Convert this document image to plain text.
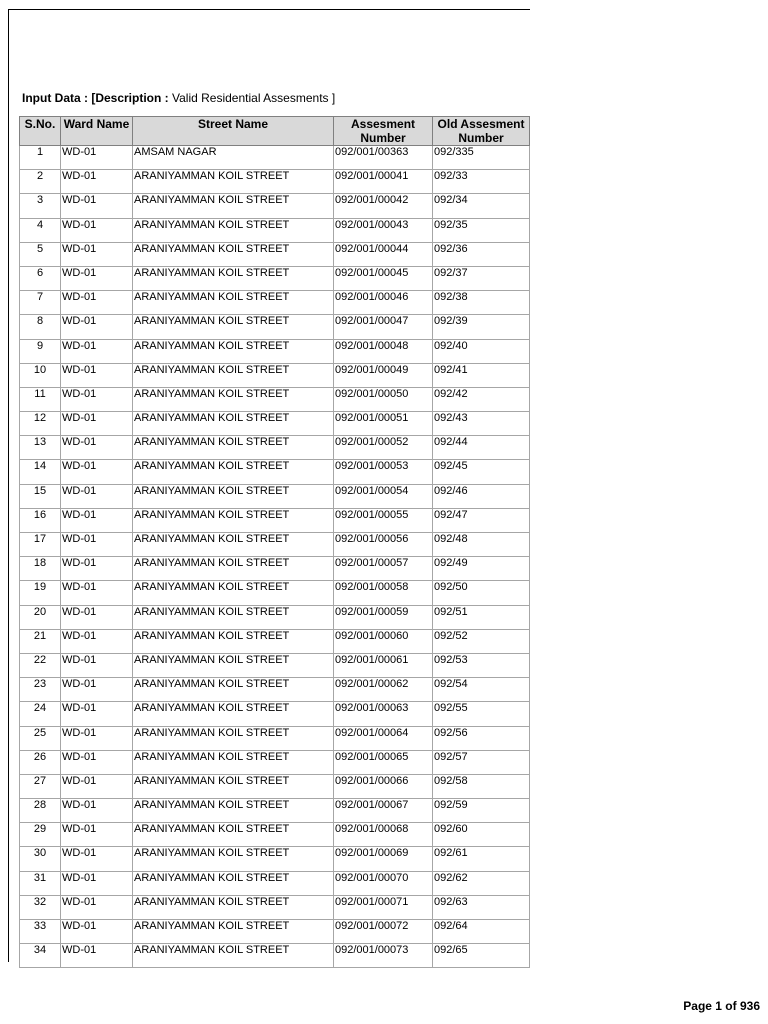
Input Data : [Description : Valid Residential Assesments ]
S.No.	Ward Name	Street Name	Assesment Number	Old Assesment Number

1	WD-01	AMSAM NAGAR	092/001/00363	092/335
2	WD-01	ARANIYAMMAN KOIL STREET	092/001/00041	092/33
3	WD-01	ARANIYAMMAN KOIL STREET	092/001/00042	092/34
4	WD-01	ARANIYAMMAN KOIL STREET	092/001/00043	092/35
5	WD-01	ARANIYAMMAN KOIL STREET	092/001/00044	092/36
6	WD-01	ARANIYAMMAN KOIL STREET	092/001/00045	092/37
7	WD-01	ARANIYAMMAN KOIL STREET	092/001/00046	092/38
8	WD-01	ARANIYAMMAN KOIL STREET	092/001/00047	092/39
9	WD-01	ARANIYAMMAN KOIL STREET	092/001/00048	092/40
10	WD-01	ARANIYAMMAN KOIL STREET	092/001/00049	092/41
11	WD-01	ARANIYAMMAN KOIL STREET	092/001/00050	092/42
12	WD-01	ARANIYAMMAN KOIL STREET	092/001/00051	092/43
13	WD-01	ARANIYAMMAN KOIL STREET	092/001/00052	092/44
14	WD-01	ARANIYAMMAN KOIL STREET	092/001/00053	092/45
15	WD-01	ARANIYAMMAN KOIL STREET	092/001/00054	092/46
16	WD-01	ARANIYAMMAN KOIL STREET	092/001/00055	092/47
17	WD-01	ARANIYAMMAN KOIL STREET	092/001/00056	092/48
18	WD-01	ARANIYAMMAN KOIL STREET	092/001/00057	092/49
19	WD-01	ARANIYAMMAN KOIL STREET	092/001/00058	092/50
20	WD-01	ARANIYAMMAN KOIL STREET	092/001/00059	092/51
21	WD-01	ARANIYAMMAN KOIL STREET	092/001/00060	092/52
22	WD-01	ARANIYAMMAN KOIL STREET	092/001/00061	092/53
23	WD-01	ARANIYAMMAN KOIL STREET	092/001/00062	092/54
24	WD-01	ARANIYAMMAN KOIL STREET	092/001/00063	092/55
25	WD-01	ARANIYAMMAN KOIL STREET	092/001/00064	092/56
26	WD-01	ARANIYAMMAN KOIL STREET	092/001/00065	092/57
27	WD-01	ARANIYAMMAN KOIL STREET	092/001/00066	092/58
28	WD-01	ARANIYAMMAN KOIL STREET	092/001/00067	092/59
29	WD-01	ARANIYAMMAN KOIL STREET	092/001/00068	092/60
30	WD-01	ARANIYAMMAN KOIL STREET	092/001/00069	092/61
31	WD-01	ARANIYAMMAN KOIL STREET	092/001/00070	092/62
32	WD-01	ARANIYAMMAN KOIL STREET	092/001/00071	092/63
33	WD-01	ARANIYAMMAN KOIL STREET	092/001/00072	092/64
34	WD-01	ARANIYAMMAN KOIL STREET	092/001/00073	092/65
Page 1 of 936
